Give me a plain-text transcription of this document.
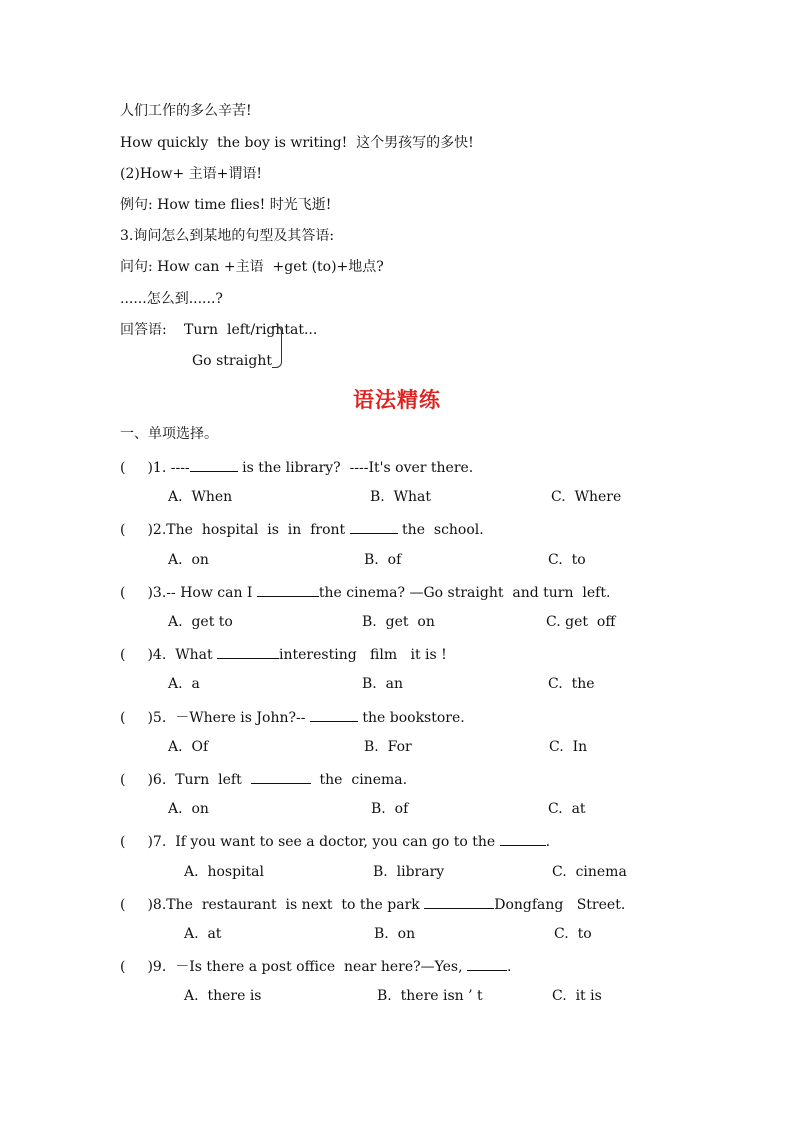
人们工作的多么辛苦!
How quickly  the boy is writing!  这个男孩写的多快!
(2)How+ 主语+谓语!
例句: How time flies! 时光飞逝!
3.询问怎么到某地的句型及其答语:
问句: How can +主语  +get (to)+地点?
......怎么到......?
回答语: Turn  left/right
Go straight
at...
语法精练
一、单项选择。
( )1. ----	is the library?  ----It's over there.
A.  When	B.  What	C.  Where
( )2.The  hospital  is  in  front	the  school.
A.  on	B.  of	C.  to
( )3.-- How can I	the cinema? —Go straight  and turn  left.
A.  get to	B.  get  on	C. get  off
( )4.  What	interesting   film   it is !
A.  a	B.  an	C.  the
( )5.  －Where is John?--	the bookstore.
A.  Of	B.  For	C.  In
( )6.  Turn  left	the  cinema.
A.  on	B.  of	C.  at
( )7.  If you want to see a doctor, you can go to the	.
A.  hospital	B.  library	C.  cinema
( )8.The  restaurant  is next  to the park	Dongfang   Street.
A.  at	B.  on	C.  to
( )9.  －Is there a post office  near here?—Yes,	.
A.  there is	B.  there isn ’ t	C.  it is
